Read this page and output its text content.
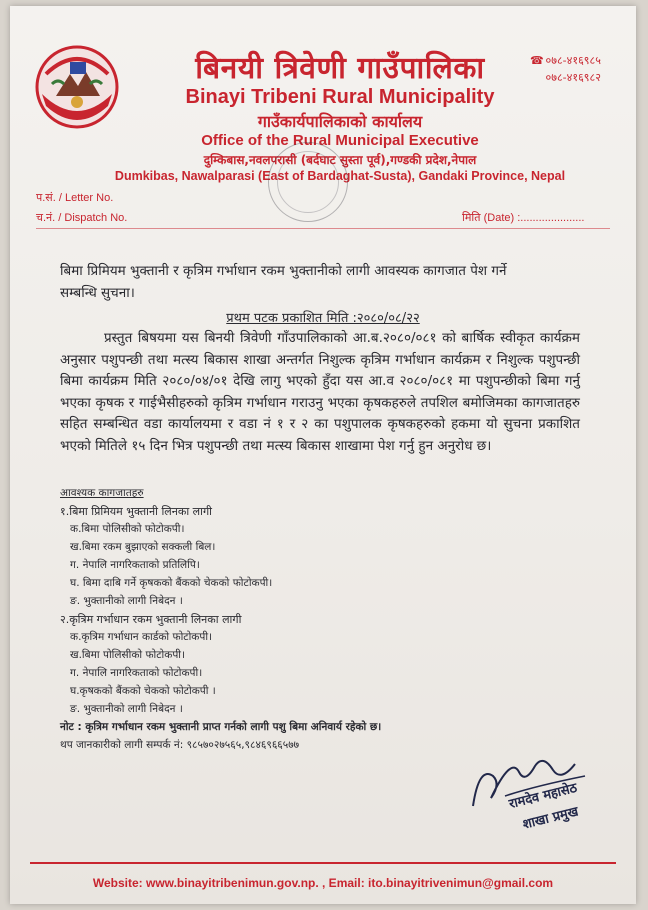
बिनयी त्रिवेणी गाउँपालिका
Binayi Tribeni Rural Municipality
गाउँकार्यपालिकाको कार्यालय
Office of the Rural Municipal Executive
दुम्किबास,नवलपरासी (बर्दघाट सुस्ता पूर्व),गण्डकी प्रदेश,नेपाल
Dumkibas, Nawalparasi (East of Bardaghat-Susta), Gandaki Province, Nepal
☎ ०७८-४१६९८५
०७८-४१६९८२
प.सं. / Letter No.
च.नं. / Dispatch No.	मिति (Date) :.....................
बिमा प्रिमियम भुक्तानी र कृत्रिम गर्भाधान रकम भुक्तानीको लागी आवस्यक कागजात पेश गर्ने
सम्बन्धि सुचना।
प्रथम पटक प्रकाशित मिति :२०८०/०८/२२
प्रस्तुत बिषयमा यस बिनयी त्रिवेणी गाँउपालिकाको आ.ब.२०८०/०८१ को बार्षिक स्वीकृत कार्यक्रम अनुसार पशुपन्छी तथा मत्स्य बिकास शाखा अन्तर्गत निशुल्क कृत्रिम गर्भाधान कार्यक्रम र निशुल्क पशुपन्छी बिमा कार्यक्रम मिति २०८०/०४/०१ देखि लागु भएको हुँदा यस आ.व २०८०/०८१ मा पशुपन्छीको बिमा गर्नु भएका कृषक र गाईभैसीहरुको कृत्रिम गर्भाधान गराउनु भएका कृषकहरुले तपशिल बमोजिमका कागजातहरु सहित सम्बन्धित वडा कार्यालयमा र वडा नं १ र २ का पशुपालक कृषकहरुको हकमा यो सुचना प्रकाशित भएको मितिले १५ दिन भित्र पशुपन्छी तथा मत्स्य बिकास शाखामा पेश गर्नु हुन अनुरोध छ।
आवश्यक कागजातहरु
१.बिमा प्रिमियम भुक्तानी लिनका लागी
क.बिमा पोलिसीको फोटोकपी।
ख.बिमा रकम बुझाएको सक्कली बिल।
ग. नेपालि नागरिकताको प्रतिलिपि।
घ. बिमा दाबि गर्ने कृषकको बैंकको चेकको फोटोकपी।
ङ. भुक्तानीको लागी निबेदन ।
२.कृत्रिम गर्भाधान रकम भुक्तानी लिनका लागी
क.कृत्रिम गर्भाधान कार्डको फोटोकपी।
ख.बिमा पोलिसीको फोटोकपी।
ग. नेपालि नागरिकताको फोटोकपी।
घ.कृषकको बैंकको चेकको फोटोकपी ।
ङ. भुक्तानीको लागी निबेदन ।
नोट : कृत्रिम गर्भाधान रकम भुक्तानी प्राप्त गर्नको लागी पशु बिमा अनिवार्य रहेको छ।
थप जानकारीको लागी सम्पर्क नं: ९८५७०२७५६५,९८४६९६६५७७
रामदेव महासेठ
शाखा प्रमुख
Website: www.binayitribenimun.gov.np. , Email: ito.binayitrivenimun@gmail.com
